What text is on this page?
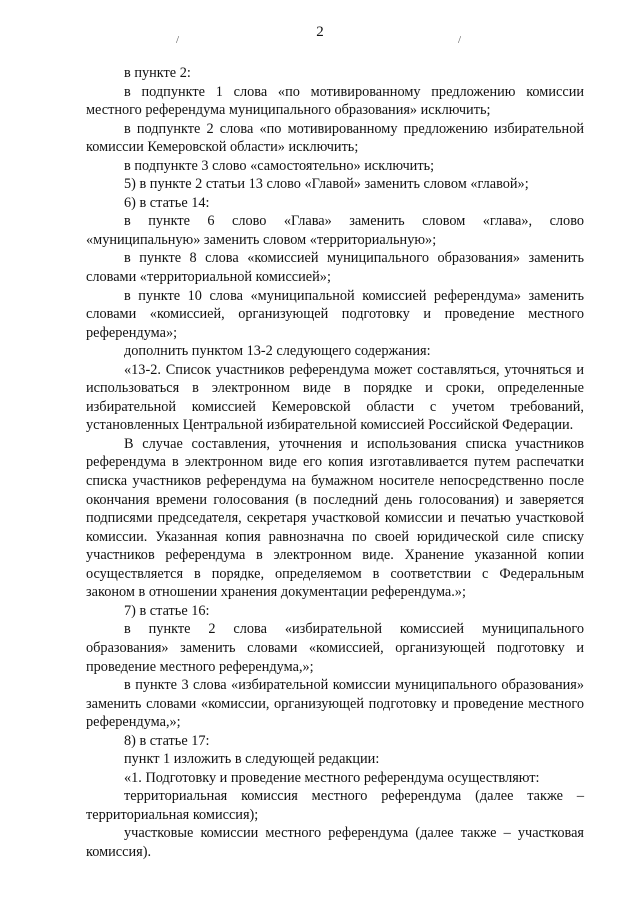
2
/	/

в пункте 2:

в подпункте 1 слова «по мотивированному предложению комиссии местного референдума муниципального образования» исключить;

в подпункте 2 слова «по мотивированному предложению избирательной комиссии Кемеровской области» исключить;

в подпункте 3 слово «самостоятельно» исключить;

5) в пункте 2 статьи 13 слово «Главой» заменить словом «главой»;

6) в статье 14:

в пункте 6 слово «Глава» заменить словом «глава», слово «муниципальную» заменить словом «территориальную»;

в пункте 8 слова «комиссией муниципального образования» заменить словами «территориальной комиссией»;

в пункте 10 слова «муниципальной комиссией референдума» заменить словами «комиссией, организующей подготовку и проведение местного референдума»;

дополнить пунктом 13-2 следующего содержания:

«13-2. Список участников референдума может составляться, уточняться и использоваться в электронном виде в порядке и сроки, определенные избирательной комиссией Кемеровской области с учетом требований, установленных Центральной избирательной комиссией Российской Федерации.

В случае составления, уточнения и использования списка участников референдума в электронном виде его копия изготавливается путем распечатки списка участников референдума на бумажном носителе непосредственно после окончания времени голосования (в последний день голосования) и заверяется подписями председателя, секретаря участковой комиссии и печатью участковой комиссии. Указанная копия равнозначна по своей юридической силе списку участников референдума в электронном виде. Хранение указанной копии осуществляется в порядке, определяемом в соответствии с Федеральным законом в отношении хранения документации референдума.»;

7) в статье 16:

в пункте 2 слова «избирательной комиссией муниципального образования» заменить словами «комиссией, организующей подготовку и проведение местного референдума,»;

в пункте 3 слова «избирательной комиссии муниципального образования» заменить словами «комиссии, организующей подготовку и проведение местного референдума,»;

8) в статье 17:

пункт 1 изложить в следующей редакции:

«1. Подготовку и проведение местного референдума осуществляют:

территориальная комиссия местного референдума (далее также – территориальная комиссия);

участковые комиссии местного референдума (далее также – участковая комиссия).
